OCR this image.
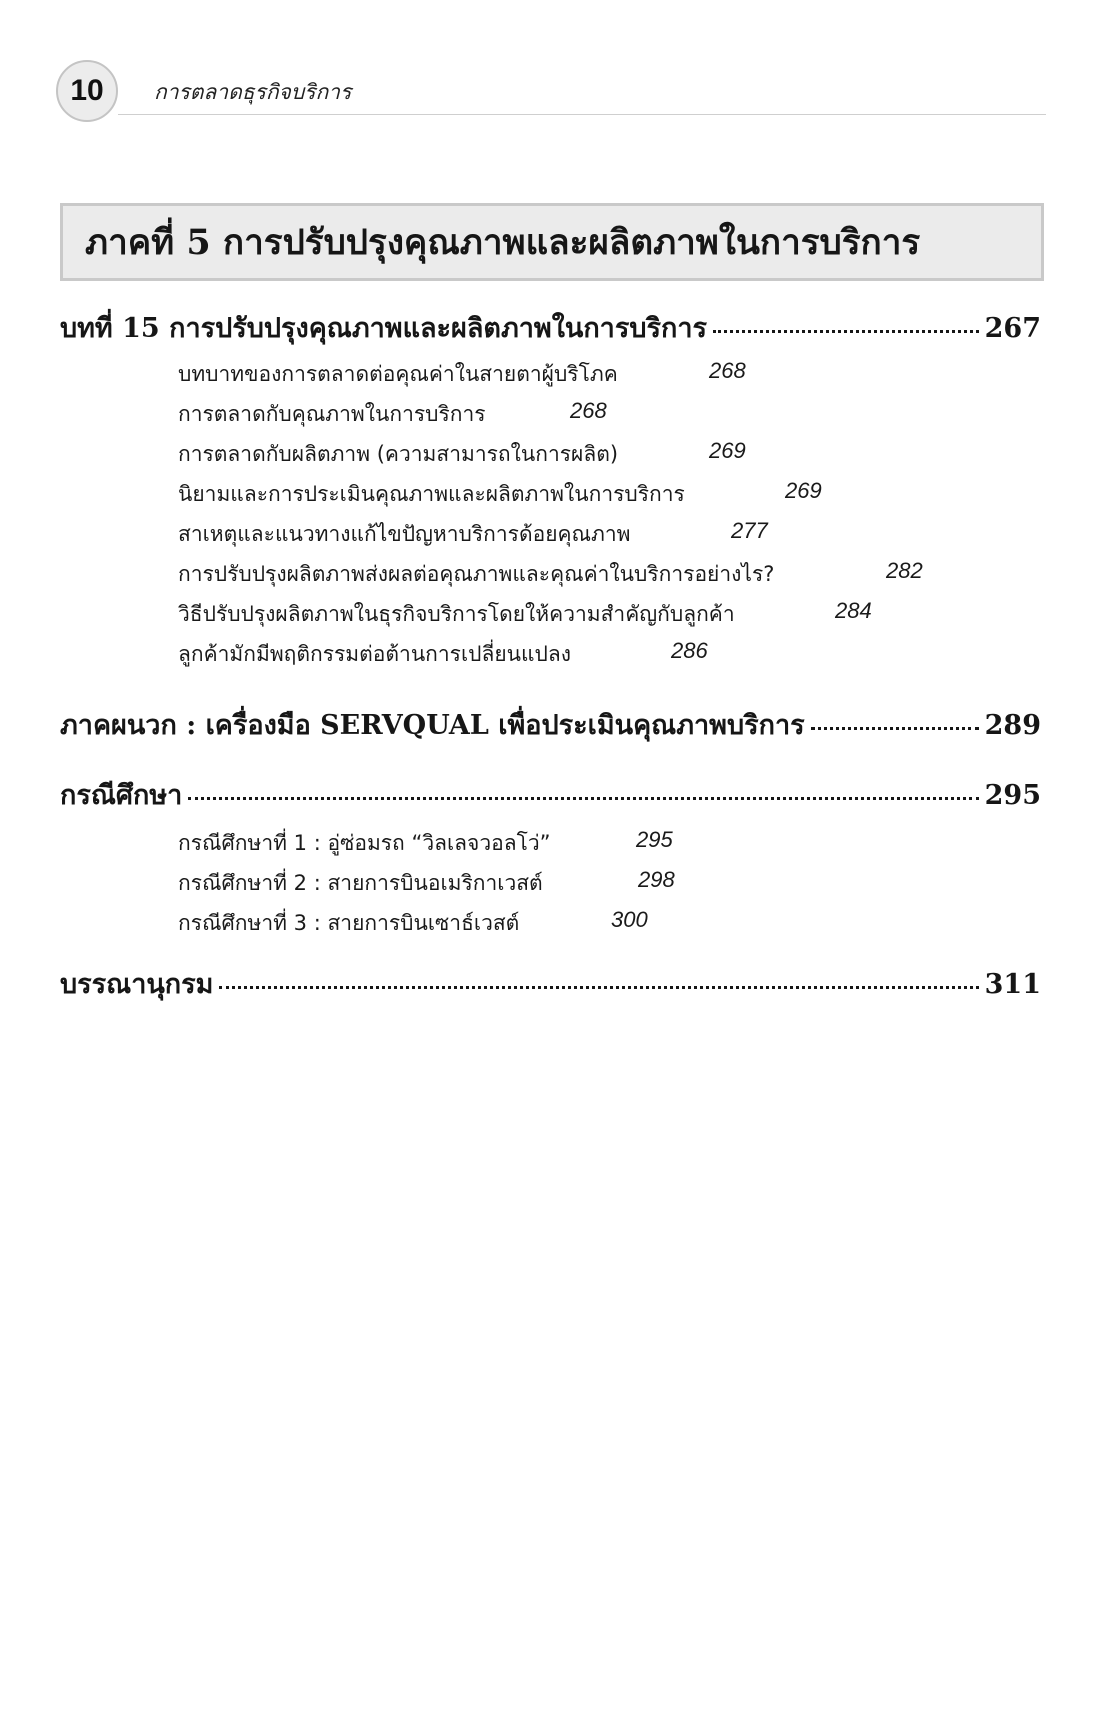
10	การตลาดธุรกิจบริการ
ภาคที่ 5 การปรับปรุงคุณภาพและผลิตภาพในการบริการ
บทที่ 15 การปรับปรุงคุณภาพและผลิตภาพในการบริการ	267
บทบาทของการตลาดต่อคุณค่าในสายตาผู้บริโภค	268
การตลาดกับคุณภาพในการบริการ	268
การตลาดกับผลิตภาพ (ความสามารถในการผลิต)	269
นิยามและการประเมินคุณภาพและผลิตภาพในการบริการ	269
สาเหตุและแนวทางแก้ไขปัญหาบริการด้อยคุณภาพ	277
การปรับปรุงผลิตภาพส่งผลต่อคุณภาพและคุณค่าในบริการอย่างไร?	282
วิธีปรับปรุงผลิตภาพในธุรกิจบริการโดยให้ความสำคัญกับลูกค้า	284
ลูกค้ามักมีพฤติกรรมต่อต้านการเปลี่ยนแปลง	286
ภาคผนวก : เครื่องมือ SERVQUAL เพื่อประเมินคุณภาพบริการ	289
กรณีศึกษา	295
กรณีศึกษาที่ 1 : อู่ซ่อมรถ “วิลเลจวอลโว่”	295
กรณีศึกษาที่ 2 : สายการบินอเมริกาเวสต์	298
กรณีศึกษาที่ 3 : สายการบินเซาธ์เวสต์	300
บรรณานุกรม	311
